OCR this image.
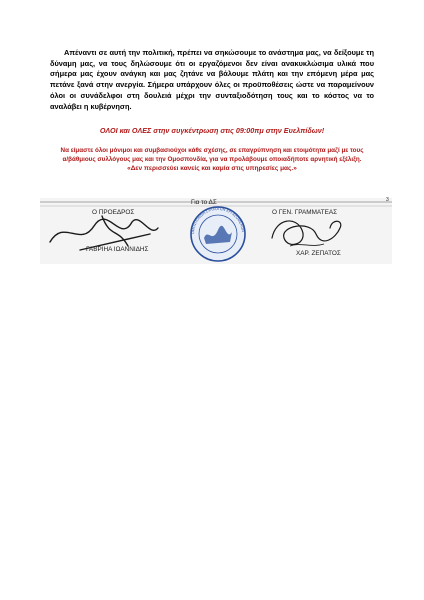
Απέναντι σε αυτή την πολιτική, πρέπει να σηκώσουμε το ανάστημα μας, να δείξουμε τη δύναμη μας, να τους δηλώσουμε ότι οι εργαζόμενοι δεν είναι ανακυκλώσιμα υλικά που σήμερα μας έχουν ανάγκη και μας ζητάνε να βάλουμε πλάτη και την επόμενη μέρα μας πετάνε ξανά στην ανεργία. Σήμερα υπάρχουν όλες οι προϋποθέσεις ώστε να παραμείνουν όλοι οι συνάδελφοι στη δουλειά μέχρι την συνταξιοδότηση τους και το κόστος να το αναλάβει η κυβέρνηση.

ΟΛΟΙ και ΟΛΕΣ στην συγκέντρωση στις 09:00πμ στην Ευελπίδων!

Να είμαστε όλοι μόνιμοι και συμβασιούχοι κάθε σχέσης, σε επαγρύπνηση και ετοιμότητα μαζί με τους
α/βάθμιους συλλόγους μας και την Ομοσπονδία, για να προλάβουμε οποιαδήποτε αρνητική εξέλιξη.

«Δεν περισσεύει κανείς και καμία στις υπηρεσίες μας.»

ΟΜΟΣΠΟΝΔΙΑ ΣΥΛΛΟΓΩΝ ΕΡΓΑΖΟΜΕΝΩΝ
Για το ΔΣ	3
Ο ΠΡΟΕΔΡΟΣ
ΓΑΒΡΙΗΑ ΙΩΑΝΝΙΔΗΣ
Ο ΓΕΝ. ΓΡΑΜΜΑΤΕΑΣ
ΧΑΡ. ΖΕΠΑΤΟΣ
